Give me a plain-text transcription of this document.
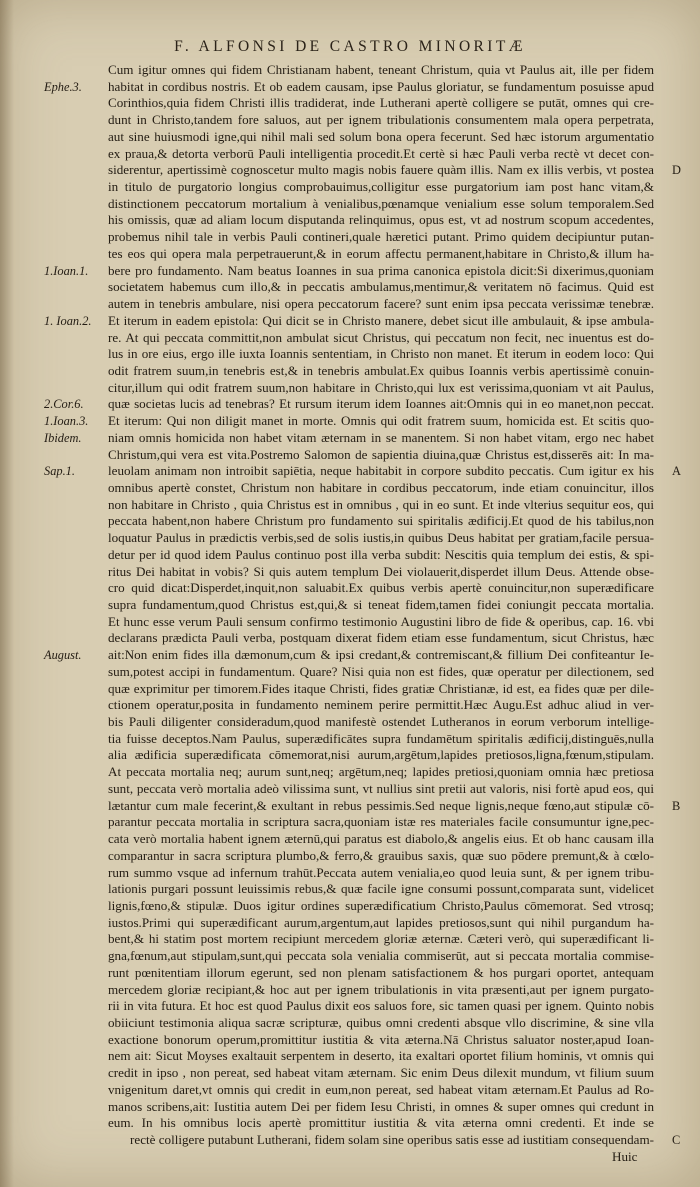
F. ALFONSI DE CASTRO MINORITÆ
Cum igitur omnes qui fidem Christianam habent, teneant Christum, quia vt Paulus ait, ille per fidem
habitat in cordibus nostris. Et ob eadem causam, ipse Paulus gloriatur, se fundamentum posuisse apud
Corinthios,quia fidem Christi illis tradiderat, inde Lutherani apertè colligere se putāt, omnes qui cre-
dunt in Christo,tandem fore saluos, aut per ignem tribulationis consumentem mala opera perpetrata,
aut sine huiusmodi igne,qui nihil mali sed solum bona opera fecerunt. Sed hæc istorum argumentatio
ex praua,& detorta verborū Pauli intelligentia procedit.Et certè si hæc Pauli verba rectè vt decet con-
siderentur, apertissimè cognoscetur multo magis nobis fauere quàm illis. Nam ex illis verbis, vt postea
in titulo de purgatorio longius comprobauimus,colligitur esse purgatorium iam post hanc vitam,&
distinctionem peccatorum mortalium à venialibus,pœnamque venialium esse solum temporalem.Sed
his omissis, quæ ad aliam locum disputanda relinquimus, opus est, vt ad nostrum scopum accedentes,
probemus nihil tale in verbis Pauli contineri,quale hæretici putant. Primo quidem decipiuntur putan-
tes eos qui opera mala perpetrauerunt,& in eorum affectu permanent,habitare in Christo,& illum ha-
bere pro fundamento. Nam beatus Ioannes in sua prima canonica epistola dicit:Si dixerimus,quoniam
societatem habemus cum illo,& in peccatis ambulamus,mentimur,& veritatem nō facimus. Quid est
autem in tenebris ambulare, nisi opera peccatorum facere? sunt enim ipsa peccata verissimæ tenebræ.
Et iterum in eadem epistola: Qui dicit se in Christo manere, debet sicut ille ambulauit, & ipse ambula-
re. At qui peccata committit,non ambulat sicut Christus, qui peccatum non fecit, nec inuentus est do-
lus in ore eius, ergo ille iuxta Ioannis sententiam, in Christo non manet. Et iterum in eodem loco: Qui
odit fratrem suum,in tenebris est,& in tenebris ambulat.Ex quibus Ioannis verbis apertissimè conuin-
citur,illum qui odit fratrem suum,non habitare in Christo,qui lux est verissima,quoniam vt ait Paulus,
quæ societas lucis ad tenebras? Et rursum iterum idem Ioannes ait:Omnis qui in eo manet,non peccat.
Et iterum: Qui non diligit manet in morte. Omnis qui odit fratrem suum, homicida est. Et scitis quo-
niam omnis homicida non habet vitam æternam in se manentem. Si non habet vitam, ergo nec habet
Christum,qui vera est vita.Postremo Salomon de sapientia diuina,quæ Christus est,disserēs ait: In ma-
leuolam animam non introibit sapiētia, neque habitabit in corpore subdito peccatis. Cum igitur ex his
omnibus apertè constet, Christum non habitare in cordibus peccatorum, inde etiam conuincitur, illos
non habitare in Christo , quia Christus est in omnibus , qui in eo sunt. Et inde vlterius sequitur eos, qui
peccata habent,non habere Christum pro fundamento sui spiritalis ædificij.Et quod de his tabilus,non
loquatur Paulus in prædictis verbis,sed de solis iustis,in quibus Deus habitat per gratiam,facile persua-
detur per id quod idem Paulus continuo post illa verba subdit: Nescitis quia templum dei estis, & spi-
ritus Dei habitat in vobis? Si quis autem templum Dei violauerit,disperdet illum Deus. Attende obse-
cro quid dicat:Disperdet,inquit,non saluabit.Ex quibus verbis apertè conuincitur,non superædificare
supra fundamentum,quod Christus est,qui,& si teneat fidem,tamen fidei coniungit peccata mortalia.
Et hunc esse verum Pauli sensum confirmo testimonio Augustini libro de fide & operibus, cap. 16. vbi
declarans prædicta Pauli verba, postquam dixerat fidem etiam esse fundamentum, sicut Christus, hæc
ait:Non enim fides illa dæmonum,cum & ipsi credant,& contremiscant,& fillium Dei confiteantur Ie-
sum,potest accipi in fundamentum. Quare? Nisi quia non est fides, quæ operatur per dilectionem, sed
quæ exprimitur per timorem.Fides itaque Christi, fides gratiæ Christianæ, id est, ea fides quæ per dile-
ctionem operatur,posita in fundamento neminem perire permittit.Hæc Augu.Est adhuc aliud in ver-
bis Pauli diligenter consideradum,quod manifestè ostendet Lutheranos in eorum verborum intellige-
tia fuisse deceptos.Nam Paulus, superædificātes supra fundamētum spiritalis ædificij,distinguēs,nulla
alia ædificia superædificata cōmemorat,nisi aurum,argētum,lapides pretiosos,ligna,fœnum,stipulam.
At peccata mortalia neq; aurum sunt,neq; argētum,neq; lapides pretiosi,quoniam omnia hæc pretiosa
sunt, peccata verò mortalia adeò vilissima sunt, vt nullius sint pretii aut valoris, nisi fortè apud eos, qui
lætantur cum male fecerint,& exultant in rebus pessimis.Sed neque lignis,neque fœno,aut stipulæ cō-
parantur peccata mortalia in scriptura sacra,quoniam istæ res materiales facile consumuntur igne,pec-
cata verò mortalia habent ignem æternū,qui paratus est diabolo,& angelis eius. Et ob hanc causam illa
comparantur in sacra scriptura plumbo,& ferro,& grauibus saxis, quæ suo pōdere premunt,& à cœlo-
rum summo vsque ad infernum trahūt.Peccata autem venialia,eo quod leuia sunt, & per ignem tribu-
lationis purgari possunt leuissimis rebus,& quæ facile igne consumi possunt,comparata sunt, videlicet
lignis,fœno,& stipulæ. Duos igitur ordines superædificatium Christo,Paulus cōmemorat. Sed vtrosq;
iustos.Primi qui superædificant aurum,argentum,aut lapides pretiosos,sunt qui nihil purgandum ha-
bent,& hi statim post mortem recipiunt mercedem gloriæ æternæ. Cæteri verò, qui superædificant li-
gna,fœnum,aut stipulam,sunt,qui peccata sola venialia commiserūt, aut si peccata mortalia commise-
runt pœnitentiam illorum egerunt, sed non plenam satisfactionem & hos purgari oportet, antequam
mercedem gloriæ recipiant,& hoc aut per ignem tribulationis in vita præsenti,aut per ignem purgato-
rii in vita futura. Et hoc est quod Paulus dixit eos saluos fore, sic tamen quasi per ignem. Quinto nobis
obiiciunt testimonia aliqua sacræ scripturæ, quibus omni credenti absque vllo discrimine, & sine vlla
exactione bonorum operum,promittitur iustitia & vita æterna.Nā Christus saluator noster,apud Ioan-
nem ait: Sicut Moyses exaltauit serpentem in deserto, ita exaltari oportet filium hominis, vt omnis qui
credit in ipso , non pereat, sed habeat vitam æternam. Sic enim Deus dilexit mundum, vt filium suum
vnigenitum daret,vt omnis qui credit in eum,non pereat, sed habeat vitam æternam.Et Paulus ad Ro-
manos scribens,ait: Iustitia autem Dei per fidem Iesu Christi, in omnes & super omnes qui credunt in
eum. In his omnibus locis apertè promittitur iustitia & vita æterna omni credenti. Et inde se
rectè colligere putabunt Lutherani, fidem solam sine operibus satis esse ad iustitiam consequendam-
Huic
Ephe.3.
1.Ioan.1.
1. Ioan.2.
2.Cor.6.
1.Ioan.3.
Ibidem.
Sap.1.
August.
D
A
B
C
